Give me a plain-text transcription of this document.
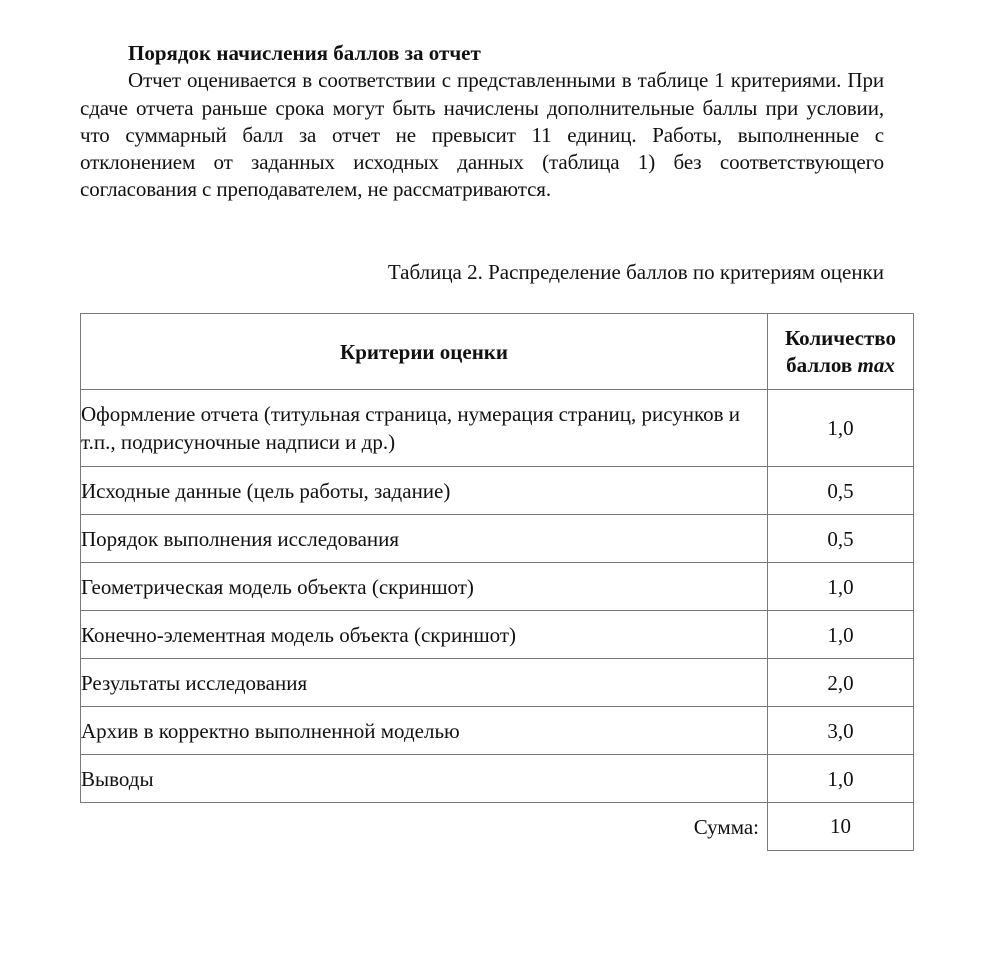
Порядок начисления баллов за отчет

Отчет оценивается в соответствии с представленными в таблице 1 критериями. При сдаче отчета раньше срока могут быть начислены дополнительные баллы при условии, что суммарный балл за отчет не превысит 11 единиц. Работы, выполненные с отклонением от заданных исходных данных (таблица 1) без соответствующего согласования с преподавателем, не рассматриваются.

Таблица 2. Распределение баллов по критериям оценки
Критерии оценки	Количество
баллов max
Оформление отчета (титульная страница, нумерация страниц, рисунков и т.п., подрисуночные надписи и др.)	1,0
Исходные данные (цель работы, задание)	0,5
Порядок выполнения исследования	0,5
Геометрическая модель объекта (скриншот)	1,0
Конечно-элементная модель объекта (скриншот)	1,0
Результаты исследования	2,0
Архив в корректно выполненной моделью	3,0
Выводы	1,0
Сумма:	10
